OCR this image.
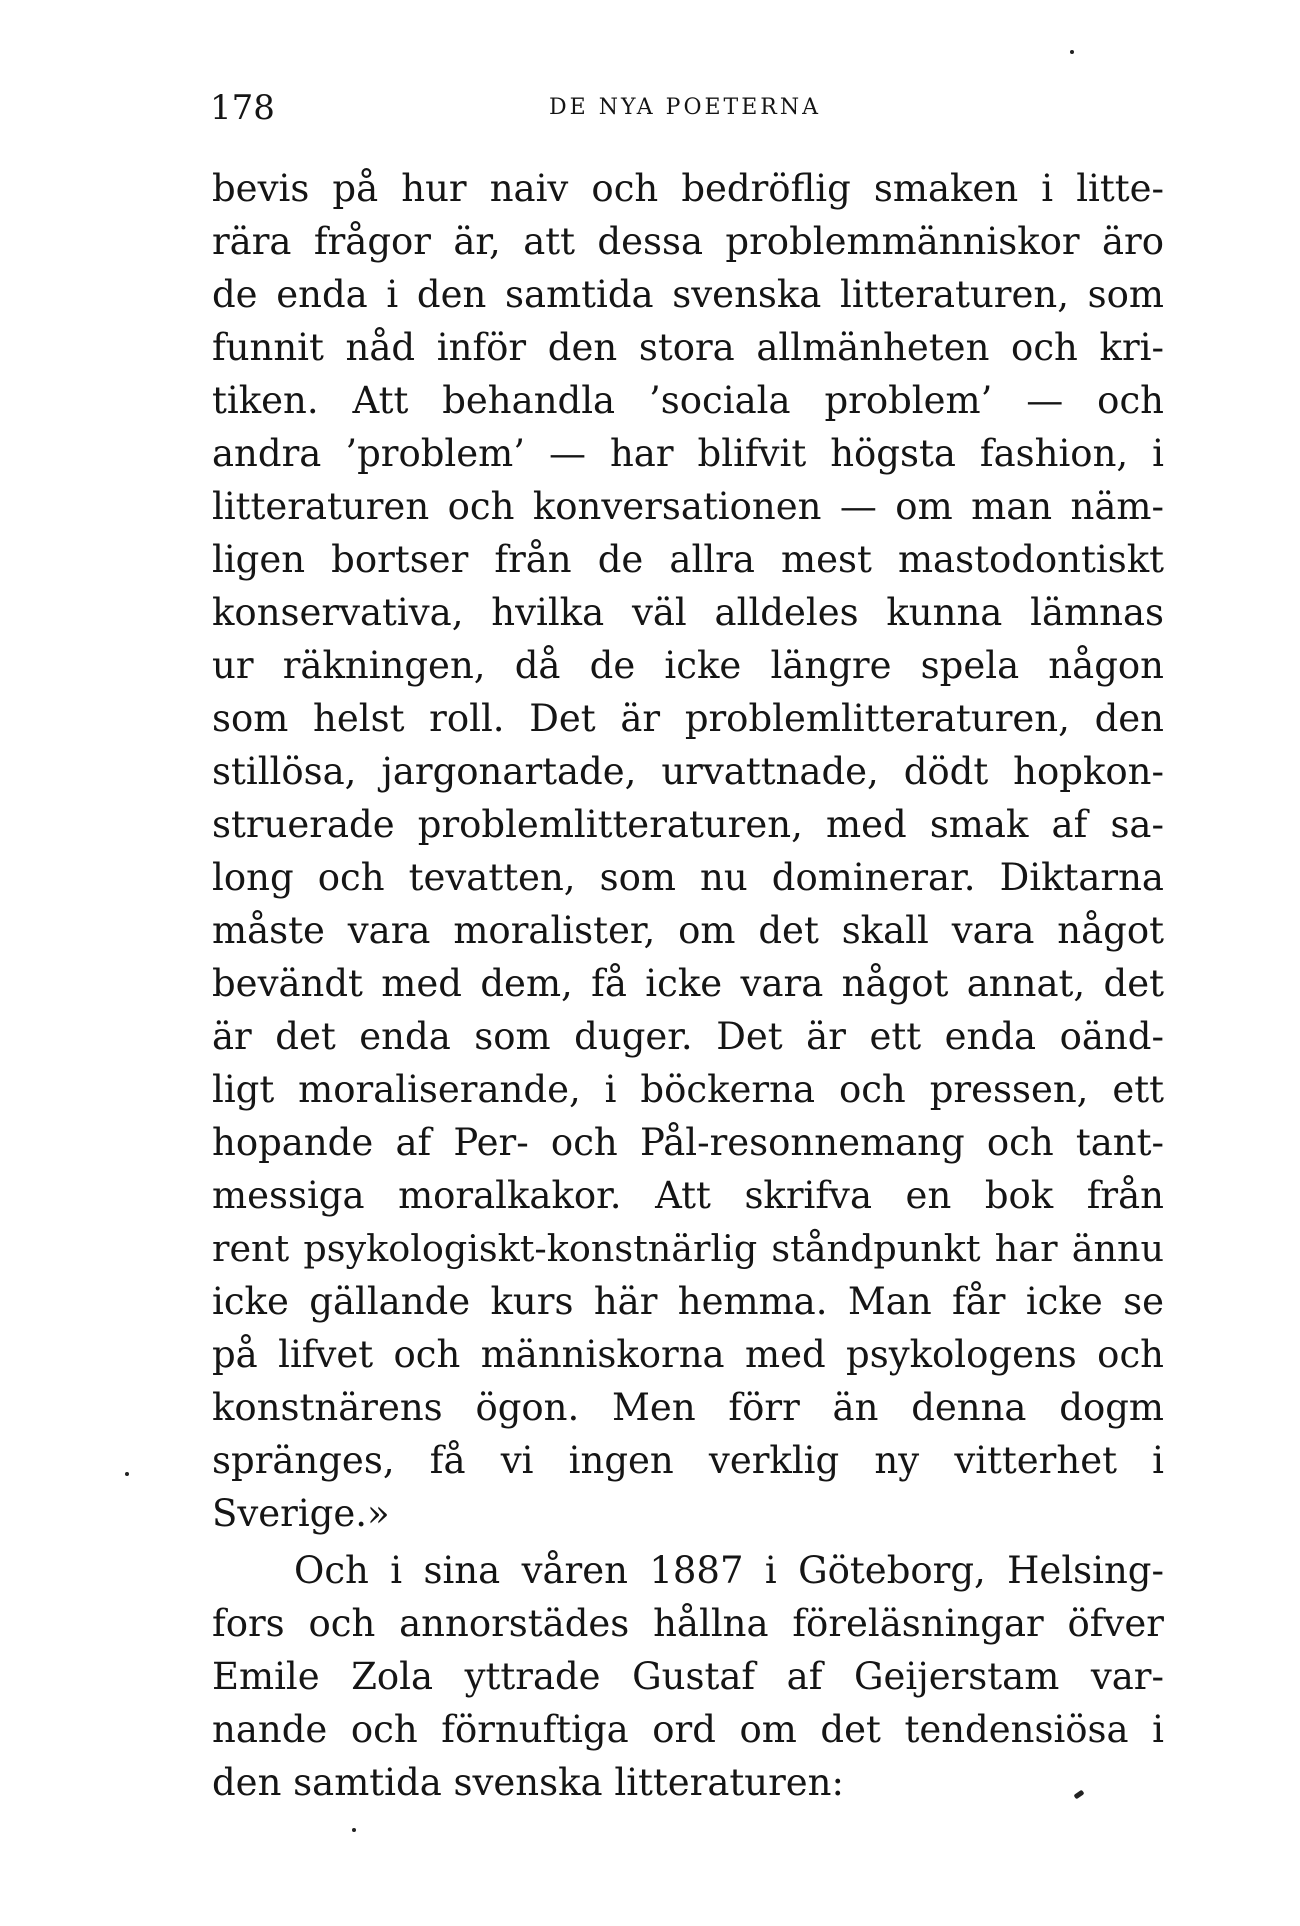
178	DE NYA POETERNA
bevis på hur naiv och bedröflig smaken i litte-
rära frågor är, att dessa problemmänniskor äro
de enda i den samtida svenska litteraturen, som
funnit nåd inför den stora allmänheten och kri-
tiken. Att behandla ’sociala problem’ — och
andra ’problem’ — har blifvit högsta fashion, i
litteraturen och konversationen — om man näm-
ligen bortser från de allra mest mastodontiskt
konservativa, hvilka väl alldeles kunna lämnas
ur räkningen, då de icke längre spela någon
som helst roll. Det är problemlitteraturen, den
stillösa, jargonartade, urvattnade, dödt hopkon-
struerade problemlitteraturen, med smak af sa-
long och tevatten, som nu dominerar. Diktarna
måste vara moralister, om det skall vara något
bevändt med dem, få icke vara något annat, det
är det enda som duger. Det är ett enda oänd-
ligt moraliserande, i böckerna och pressen, ett
hopande af Per- och Pål-resonnemang och tant-
messiga moralkakor. Att skrifva en bok från
rent psykologiskt-konstnärlig ståndpunkt har ännu
icke gällande kurs här hemma. Man får icke se
på lifvet och människorna med psykologens och
konstnärens ögon. Men förr än denna dogm
spränges, få vi ingen verklig ny vitterhet i
Sverige.»
Och i sina våren 1887 i Göteborg, Helsing-
fors och annorstädes hållna föreläsningar öfver
Emile Zola yttrade Gustaf af Geijerstam var-
nande och förnuftiga ord om det tendensiösa i
den samtida svenska litteraturen:
